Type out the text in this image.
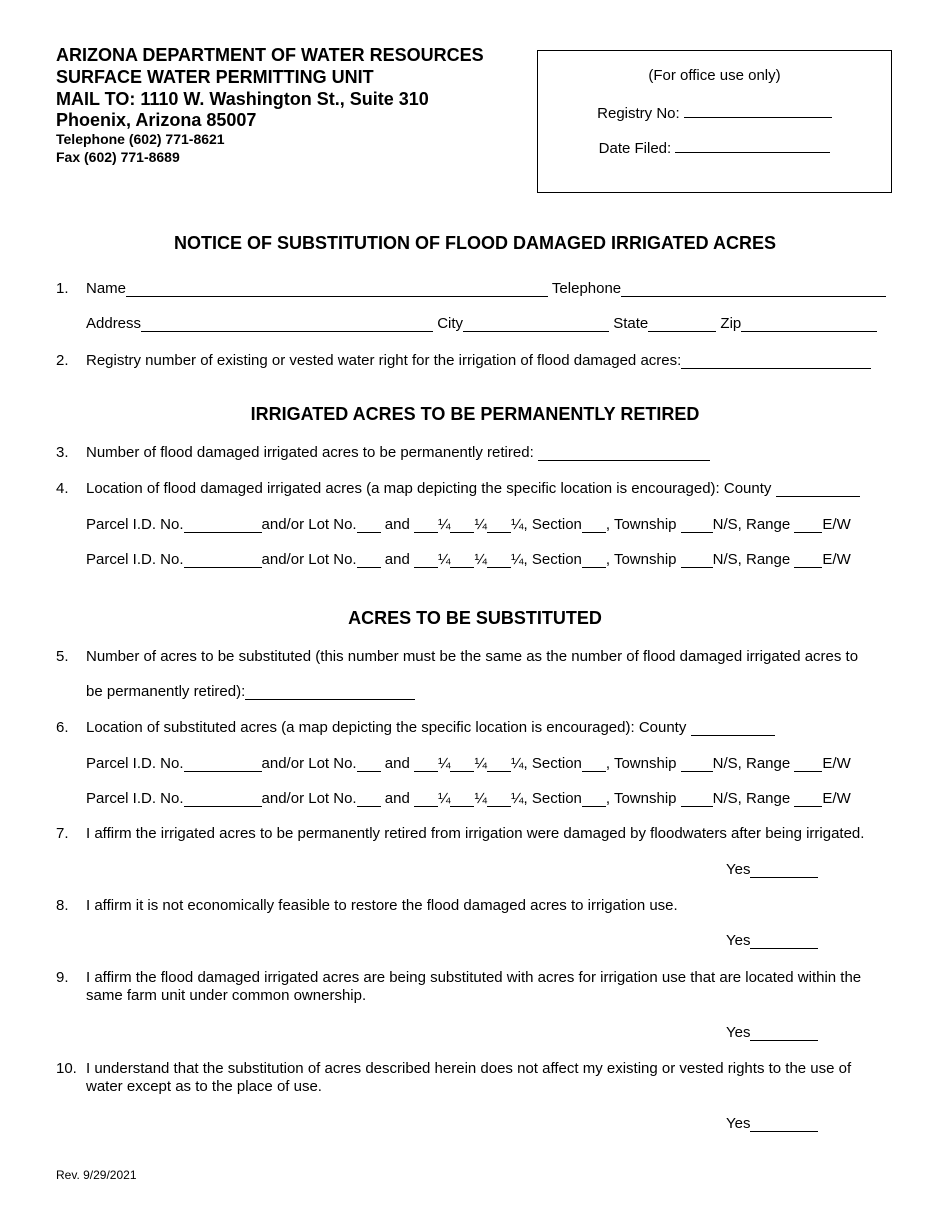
ARIZONA DEPARTMENT OF WATER RESOURCES
SURFACE WATER PERMITTING UNIT
MAIL TO: 1110 W. Washington St., Suite 310
Phoenix, Arizona 85007
Telephone (602) 771-8621
Fax (602) 771-8689
(For office use only)
Registry No:
Date Filed:
NOTICE OF SUBSTITUTION OF FLOOD DAMAGED IRRIGATED ACRES
1. Name	Telephone
Address	City	State	Zip
2. Registry number of existing or vested water right for the irrigation of flood damaged acres:
IRRIGATED ACRES TO BE PERMANENTLY RETIRED
3. Number of flood damaged irrigated acres to be permanently retired:
4. Location of flood damaged irrigated acres (a map depicting the specific location is encouraged): County
Parcel I.D. No.	and/or Lot No. and ¼ ¼ ¼, Section , Township N/S, Range E/W
Parcel I.D. No.	and/or Lot No. and ¼ ¼ ¼, Section , Township N/S, Range E/W
ACRES TO BE SUBSTITUTED
5. Number of acres to be substituted (this number must be the same as the number of flood damaged irrigated acres to
be permanently retired):
6. Location of substituted acres (a map depicting the specific location is encouraged): County
Parcel I.D. No.	and/or Lot No. and ¼ ¼ ¼, Section , Township N/S, Range E/W
Parcel I.D. No.	and/or Lot No. and ¼ ¼ ¼, Section , Township N/S, Range E/W
7. I affirm the irrigated acres to be permanently retired from irrigation were damaged by floodwaters after being irrigated.
Yes
8. I affirm it is not economically feasible to restore the flood damaged acres to irrigation use.
Yes
9. I affirm the flood damaged irrigated acres are being substituted with acres for irrigation use that are located within the same farm unit under common ownership.
Yes
10. I understand that the substitution of acres described herein does not affect my existing or vested rights to the use of water except as to the place of use.
Yes
Rev. 9/29/2021
